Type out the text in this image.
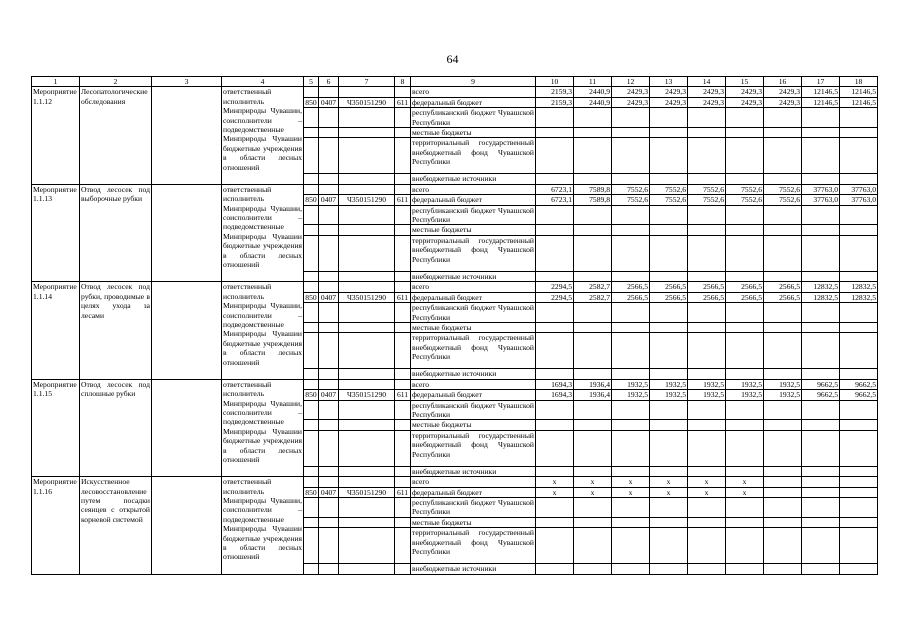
64
1	2	3	4	5	6	7	8	9	10	11	12	13	14	15	16	17	18
Мероприятие 1.1.12	Лесопатологические обследования		ответственный исполнитель Минприроды Чувашии, соисполнители – подведомственные Минприроды Чувашии бюджетные учреждения в области лесных отношений					всего	2159,3	2440,9	2429,3	2429,3	2429,3	2429,3	2429,3	12146,5	12146,5
				850	0407	Ч350151290	611	федеральный бюджет	2159,3	2440,9	2429,3	2429,3	2429,3	2429,3	2429,3	12146,5	12146,5
								республиканский бюджет Чувашской Республики									
								местные бюджеты									
								территориальный государственный внебюджетный фонд Чувашской Республики									
								внебюджетные источники									
Мероприятие 1.1.13	Отвод лесосек под выборочные рубки		ответственный исполнитель Минприроды Чувашии, соисполнители – подведомственные Минприроды Чувашии бюджетные учреждения в области лесных отношений					всего	6723,1	7589,8	7552,6	7552,6	7552,6	7552,6	7552,6	37763,0	37763,0
				850	0407	Ч350151290	611	федеральный бюджет	6723,1	7589,8	7552,6	7552,6	7552,6	7552,6	7552,6	37763,0	37763,0
								республиканский бюджет Чувашской Республики									
								местные бюджеты									
								территориальный государственный внебюджетный фонд Чувашской Республики									
								внебюджетные источники									
Мероприятие 1.1.14	Отвод лесосек под рубки, проводимые в целях ухода за лесами		ответственный исполнитель Минприроды Чувашии, соисполнители – подведомственные Минприроды Чувашии бюджетные учреждения в области лесных отношений					всего	2294,5	2582,7	2566,5	2566,5	2566,5	2566,5	2566,5	12832,5	12832,5
				850	0407	Ч350151290	611	федеральный бюджет	2294,5	2582,7	2566,5	2566,5	2566,5	2566,5	2566,5	12832,5	12832,5
								республиканский бюджет Чувашской Республики									
								местные бюджеты									
								территориальный государственный внебюджетный фонд Чувашской Республики									
								внебюджетные источники									
Мероприятие 1.1.15	Отвод лесосек под сплошные рубки		ответственный исполнитель Минприроды Чувашии, соисполнители – подведомственные Минприроды Чувашии бюджетные учреждения в области лесных отношений					всего	1694,3	1936,4	1932,5	1932,5	1932,5	1932,5	1932,5	9662,5	9662,5
				850	0407	Ч350151290	611	федеральный бюджет	1694,3	1936,4	1932,5	1932,5	1932,5	1932,5	1932,5	9662,5	9662,5
								республиканский бюджет Чувашской Республики									
								местные бюджеты									
								территориальный государственный внебюджетный фонд Чувашской Республики									
								внебюджетные источники									
Мероприятие 1.1.16	Искусственное лесовосстановление путем посадки сеянцев с открытой корневой системой		ответственный исполнитель Минприроды Чувашии, соисполнители – подведомственные Минприроды Чувашии бюджетные учреждения в области лесных отношений					всего	x	x	x	x	x	x			
				850	0407	Ч350151290	611	федеральный бюджет	x	x	x	x	x	x			
								республиканский бюджет Чувашской Республики									
								местные бюджеты									
								территориальный государственный внебюджетный фонд Чувашской Республики									
								внебюджетные источники									
